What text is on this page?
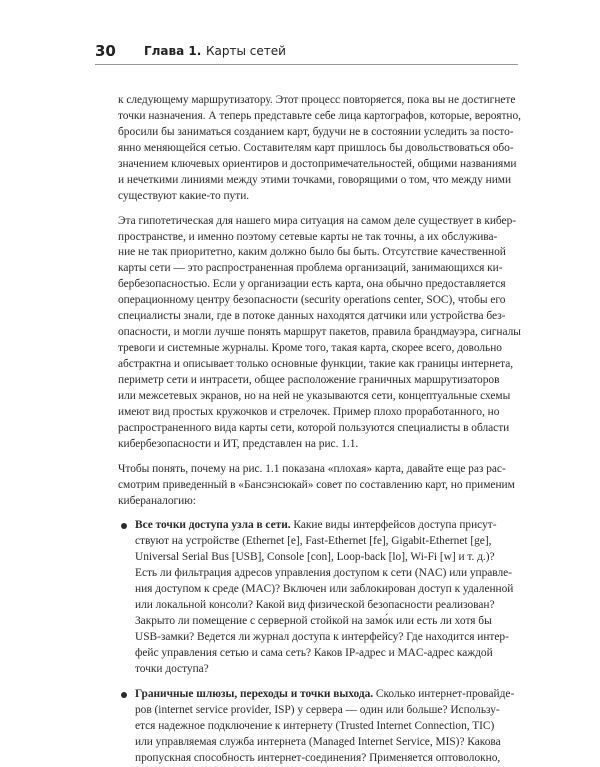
30 Глава 1. Карты сетей
к следующему маршрутизатору. Этот процесс повторяется, пока вы не достигнете
точки назначения. А теперь представьте себе лица картографов, которые, вероятно,
бросили бы заниматься созданием карт, будучи не в состоянии уследить за посто-
янно меняющейся сетью. Составителям карт пришлось бы довольствоваться обо-
значением ключевых ориентиров и достопримечательностей, общими названиями
и нечеткими линиями между этими точками, говорящими о том, что между ними
существуют какие-то пути.
Эта гипотетическая для нашего мира ситуация на самом деле существует в кибер-
пространстве, и именно поэтому сетевые карты не так точны, а их обслужива-
ние не так приоритетно, каким должно было бы быть. Отсутствие качественной
карты сети — это распространенная проблема организаций, занимающихся ки-
бербезопасностью. Если у организации есть карта, она обычно предоставляется
операционному центру безопасности (security operations center, SOC), чтобы его
специалисты знали, где в потоке данных находятся датчики или устройства без-
опасности, и могли лучше понять маршрут пакетов, правила брандмауэра, сигналы
тревоги и системные журналы. Кроме того, такая карта, скорее всего, довольно
абстрактна и описывает только основные функции, такие как границы интернета,
периметр сети и интрасети, общее расположение граничных маршрутизаторов
или межсетевых экранов, но на ней не указываются сети, концептуальные схемы
имеют вид простых кружочков и стрелочек. Пример плохо проработанного, но
распространенного вида карты сети, которой пользуются специалисты в области
кибербезопасности и ИТ, представлен на рис. 1.1.
Чтобы понять, почему на рис. 1.1 показана «плохая» карта, давайте еще раз рас-
смотрим приведенный в «Бансэнсюкай» совет по составлению карт, но применим
кибераналогию:
Все точки доступа узла в сети. Какие виды интерфейсов доступа присут-
ствуют на устройстве (Ethernet [e], Fast-Ethernet [fe], Gigabit-Ethernet [ge],
Universal Serial Bus [USB], Console [con], Loop-back [lo], Wi-Fi [w] и т. д.)?
Есть ли фильтрация адресов управления доступом к сети (NAC) или управле-
ния доступом к среде (MAC)? Включен или заблокирован доступ к удаленной
или локальной консоли? Какой вид физической безопасности реализован?
Закрыто ли помещение с серверной стойкой на замо́к или есть ли хотя бы
USB-замки? Ведется ли журнал доступа к интерфейсу? Где находится интер-
фейс управления сетью и сама сеть? Каков IP-адрес и MAC-адрес каждой
точки доступа?
Граничные шлюзы, переходы и точки выхода. Сколько интернет-провайде-
ров (internet service provider, ISP) у сервера — один или больше? Использу-
ется надежное подключение к интернету (Trusted Internet Connection, TIC)
или управляемая служба интернета (Managed Internet Service, MIS)? Какова
пропускная способность интернет-соединения? Применяется оптоволокно,
